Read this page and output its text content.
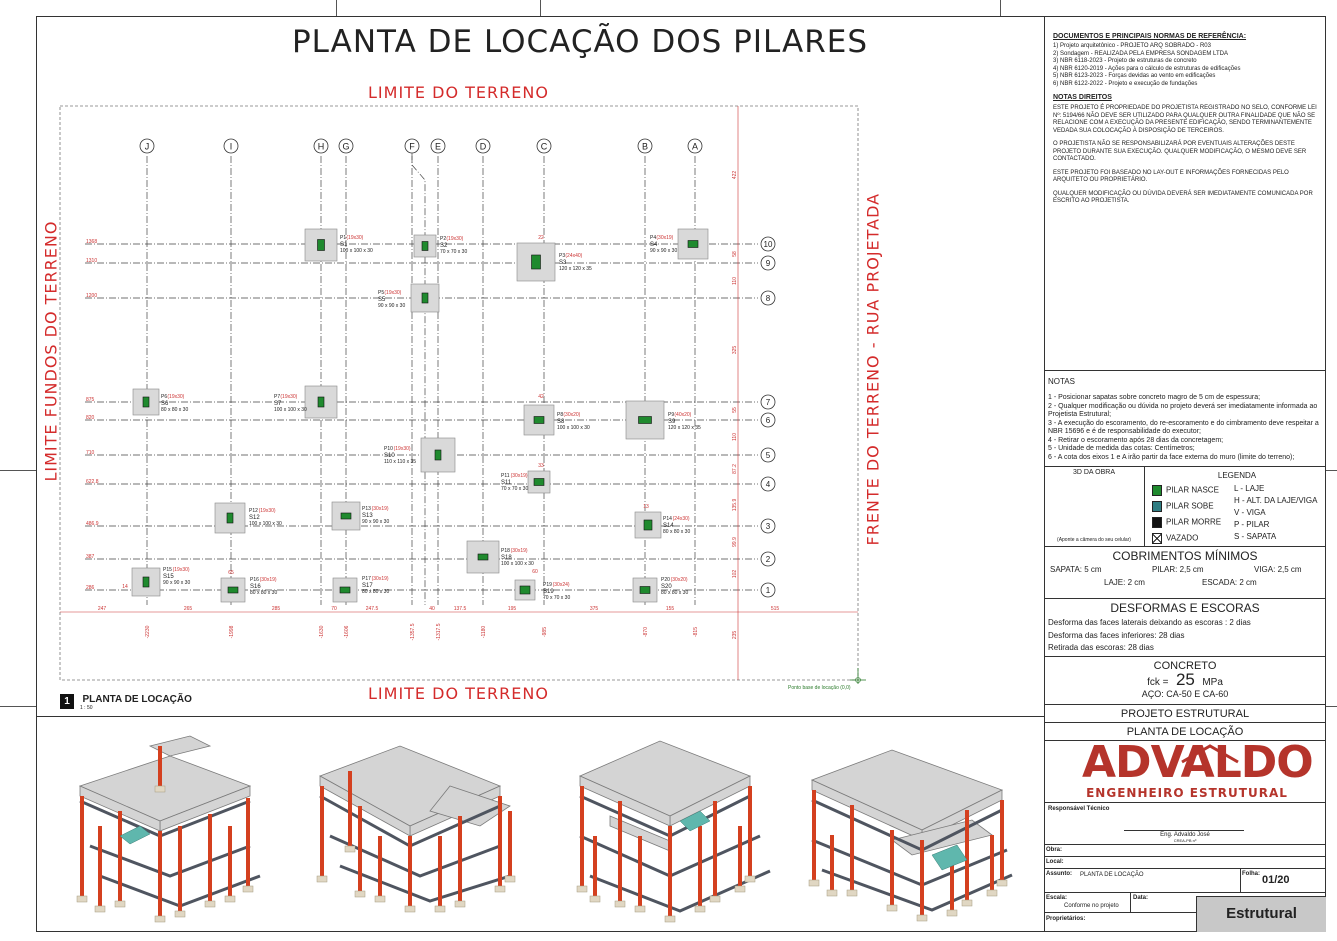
PLANTA DE LOCAÇÃO DOS PILARES
LIMITE DO TERRENO
LIMITE DO TERRENO
LIMITE FUNDOS DO TERRENO	FRENTE DO TERRENO - RUA PROJETADA
J	I	H G	F E	D	C	B	A
10
1368
9
1310
8
1200
7
875
6
820
5
710
4
622.8
3
486.9
2
387
1
286
247	265	285	70	247.5	40	137.5	195	375	155	515
-2230	-1998	-1630	-1606	-1357.5	-1317.5	-1180	-985	-870	-815
422
58
110
325
55
110
87.2
135.9
99.9
102
235
P1 (19x30)
S1
100 x 100 x 30
P2 (19x30)
S2
70 x 70 x 30
P3 (24x40)
S3
120 x 120 x 35
P4 (30x19)
S4
90 x 90 x 30
P5 (19x30)
S5
90 x 90 x 30
P6 (19x30)
S6
80 x 80 x 30
P7 (19x30)
S7
100 x 100 x 30
P8 (30x20)
S8
100 x 100 x 30
P9 (40x20)
S9
120 x 120 x 35
P10 (19x30)
S10
110 x 110 x 35
P11 (30x19)
S11
70 x 70 x 30
P12 (19x30)
S12
100 x 100 x 30
P13 (30x19)
S13
90 x 90 x 30	P14 (24x30)
S14
80 x 80 x 30
P15 (19x30)
S15
90 x 90 x 30	P16 (30x19)
S16
80 x 80 x 30
P17 (30x19)
S17
80 x 80 x 30
P18 (30x19)
S18
100 x 100 x 30
P19 (30x24)
S19
70 x 70 x 30
P20 (30x20)
S20
80 x 80 x 30
22
42
33
13
60
65
14
1 $^{PLANTA DE LOCAÇÃO}$
1 : 50
Ponto base de locação (0,0)
DOCUMENTOS E PRINCIPAIS NORMAS DE REFERÊNCIA:
1) Projeto arquitetônico - PROJETO ARQ SOBRADO - R03
2) Sondagem - REALIZADA PELA EMPRESA SONDAGEM LTDA
3) NBR 6118-2023 - Projeto de estruturas de concreto
4) NBR 6120-2019 - Ações para o cálculo de estruturas de edificações
5) NBR 6123-2023 - Forças devidas ao vento em edificações
6) NBR 6122-2022 - Projeto e execução de fundações
NOTAS DIREITOS
ESTE PROJETO É PROPRIEDADE DO PROJETISTA REGISTRADO NO SELO, CONFORME LEI Nº: 5194/66 NÃO DEVE SER UTILIZADO PARA QUALQUER OUTRA FINALIDADE QUE NÃO SE RELACIONE COM A EXECUÇÃO DA PRESENTE EDIFICAÇÃO, SENDO TERMINANTEMENTE VEDADA SUA COLOCAÇÃO À DISPOSIÇÃO DE TERCEIROS.
O PROJETISTA NÃO SE RESPONSABILIZARÁ POR EVENTUAIS ALTERAÇÕES DESTE PROJETO DURANTE SUA EXECUÇÃO. QUALQUER MODIFICAÇÃO, O MESMO DEVE SER CONTACTADO.
ESTE PROJETO FOI BASEADO NO LAY-OUT E INFORMAÇÕES FORNECIDAS PELO ARQUITETO OU PROPRIETÁRIO.
QUALQUER MODIFICAÇÃO OU DÚVIDA DEVERÁ SER IMEDIATAMENTE COMUNICADA POR ESCRITO AO PROJETISTA.
NOTAS
1 - Posicionar sapatas sobre concreto magro de 5 cm de espessura;
2 - Qualquer modificação ou dúvida no projeto deverá ser imediatamente informada ao Projetista Estrutural;
3 - A execução do escoramento, do re-escoramento e do cimbramento deve respeitar a NBR 15696 e é de responsabilidade do executor;
4 - Retirar o escoramento após 28 dias da concretagem;
5 - Unidade de medida das cotas: Centímetros;
6 - A cota dos eixos 1 e A irão partir da face externa do muro (limite do terreno);
3D DA OBRA
(Aponte a câmera do seu celular)
LEGENDA
PILAR NASCE
PILAR SOBE
PILAR MORRE
VAZADO
L - LAJE
H - ALT. DA LAJE/VIGA
V - VIGA
P - PILAR
S - SAPATA
COBRIMENTOS MÍNIMOS
SAPATA: 5 cm	PILAR: 2,5 cm	VIGA: 2,5 cm
LAJE: 2 cm	ESCADA: 2 cm
DESFORMAS E ESCORAS
Desforma das faces laterais deixando as escoras : 2 dias
Desforma das faces inferiores: 28 dias
Retirada das escoras: 28 dias
CONCRETO
fck = 25 MPa
AÇO: CA-50 E CA-60
PROJETO ESTRUTURAL
PLANTA DE LOCAÇÃO
ADVALDO
ENGENHEIRO ESTRUTURAL
Responsável Técnico
Eng. Advaldo José
CREA-PB nº
Obra:
Local:
Assunto: PLANTA DE LOCAÇÃO	Folha: 01/20
Escala:
Conforme no projeto
Data:
Proprietários:	Estrutural
